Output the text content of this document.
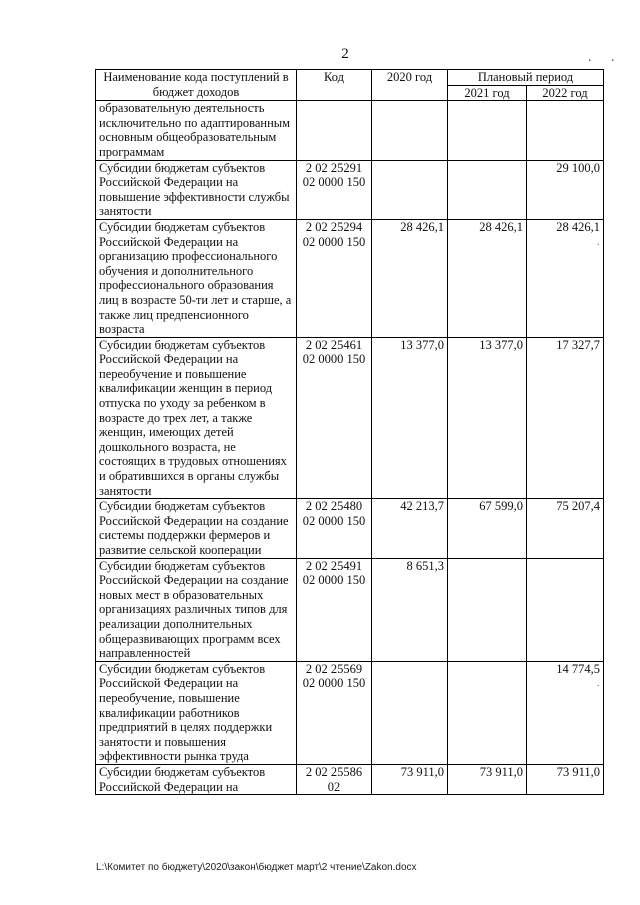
2	. .
Наименование кода поступлений в бюджет доходов	Код	2020 год	Плановый период	
			2021 год	2022 год
образовательную деятельность исключительно по адаптированным основным общеобразовательным программам				
Субсидии бюджетам субъектов Российской Федерации на повышение эффективности службы занятости	2 02 25291 02 0000 150			29 100,0
Субсидии бюджетам субъектов Российской Федерации на организацию профессионального обучения и дополнительного профессионального образования лиц в возрасте 50-ти лет и старше, а также лиц предпенсионного возраста	2 02 25294 02 0000 150	28 426,1	28 426,1	28 426,1
·

Субсидии бюджетам субъектов Российской Федерации на переобучение и повышение квалификации женщин в период отпуска по уходу за ребенком в возрасте до трех лет, а также женщин, имеющих детей дошкольного возраста, не состоящих в трудовых отношениях и обратившихся в органы службы занятости	2 02 25461 02 0000 150	13 377,0	13 377,0	17 327,7
Субсидии бюджетам субъектов Российской Федерации на создание системы поддержки фермеров и развитие сельской кооперации	2 02 25480 02 0000 150	42 213,7	67 599,0	75 207,4
Субсидии бюджетам субъектов Российской Федерации на создание новых мест в образовательных организациях различных типов для реализации дополнительных общеразвивающих программ всех направленностей	2 02 25491 02 0000 150	8 651,3		
Субсидии бюджетам субъектов Российской Федерации на переобучение, повышение квалификации работников предприятий в целях поддержки занятости и повышения эффективности рынка труда	2 02 25569 02 0000 150			14 774,5
·

Субсидии бюджетам субъектов Российской Федерации на	2 02 25586 02	73 911,0	73 911,0	73 911,0
L:\Комитет по бюджету\2020\закон\бюджет март\2 чтение\Zakon.docx
